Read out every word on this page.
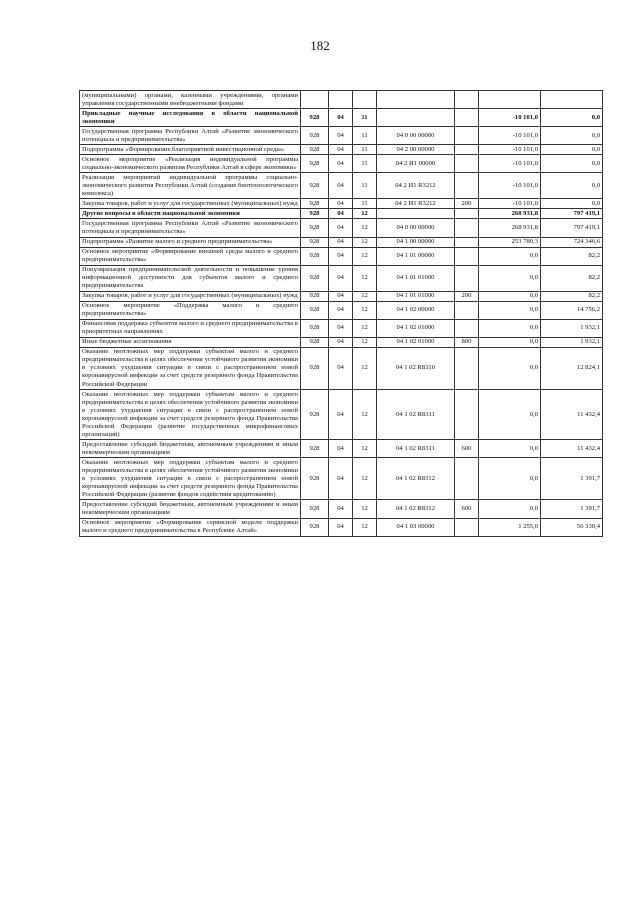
182
(муниципальными) органами, казенными учреждениями, органами управления государственными внебюджетными фондами							
Прикладные научные исследования в области национальной экономики	928	04	11			-10 101,0	0,0
Государственная программа Республики Алтай «Развитие экономического потенциала и предпринимательства»	928	04	11	04 0 00 00000		-10 101,0	0,0
Подпрограмма «Формирование благоприятной инвестиционной среды»	928	04	11	04 2 00 00000		-10 101,0	0,0
Основное мероприятие «Реализация индивидуальной программы социально-экономического развития Республики Алтай в сфере экономики»	928	04	11	04 2 И1 00000		-10 101,0	0,0
Реализация мероприятий индивидуальной программы социально-экономического развития Республики Алтай (создание биотехнологического комплекса)	928	04	11	04 2 И1 R3212		-10 101,0	0,0
Закупка товаров, работ и услуг для государственных (муниципальных) нужд	928	04	11	04 2 И1 R3212	200	-10 101,0	0,0
Другие вопросы в области национальной экономики	928	04	12			268 931,8	797 419,1
Государственная программа Республики Алтай «Развитие экономического потенциала и предпринимательства»	928	04	12	04 0 00 00000		268 931,8	797 419,1
Подпрограмма «Развитие малого и среднего предпринимательства»	928	04	12	04 1 00 00000		253 780,3	724 346,6
Основное мероприятие «Формирование внешней среды малого и среднего предпринимательства»	928	04	12	04 1 01 00000		0,0	82,2
Популяризация предпринимательской деятельности и повышение уровня информационной доступности для субъектов малого и среднего предпринимательства	928	04	12	04 1 01 01000		0,0	82,2
Закупка товаров, работ и услуг для государственных (муниципальных) нужд	928	04	12	04 1 01 01000	200	0,0	82,2
Основное мероприятие «Поддержка малого и среднего предпринимательства»	928	04	12	04 1 02 00000		0,0	14 756,2
Финансовая поддержка субъектов малого и среднего предпринимательства в приоритетных направлениях	928	04	12	04 1 02 01000		0,0	1 932,1
Иные бюджетные ассигнования	928	04	12	04 1 02 01000	800	0,0	1 932,1
Оказание неотложных мер поддержки субъектам малого и среднего предпринимательства в целях обеспечения устойчивого развития экономики в условиях ухудшения ситуации в связи с распространением новой коронавирусной инфекции за счет средств резервного фонда Правительства Российской Федерации	928	04	12	04 1 02 R8310		0,0	12 824,1
Оказание неотложных мер поддержки субъектам малого и среднего предпринимательства в целях обеспечения устойчивого развития экономики в условиях ухудшения ситуации в связи с распространением новой коронавирусной инфекции за счет средств резервного фонда Правительства Российской Федерации (развитие государственных микрофинансовых организаций)	928	04	12	04 1 02 R8311		0,0	11 432,4
Предоставление субсидий бюджетным, автономным учреждениям и иным некоммерческим организациям	928	04	12	04 1 02 R8311	600	0,0	11 432,4
Оказание неотложных мер поддержки субъектам малого и среднего предпринимательства в целях обеспечения устойчивого развития экономики в условиях ухудшения ситуации в связи с распространением новой коронавирусной инфекции за счет средств резервного фонда Правительства Российской Федерации (развитие фондов содействия кредитованию)	928	04	12	04 1 02 R8312		0,0	1 391,7
Предоставление субсидий бюджетным, автономным учреждениям и иным некоммерческим организациям	928	04	12	04 1 02 R8312	600	0,0	1 391,7
Основное мероприятие «Формирование сервисной модели поддержки малого и среднего предпринимательства в Республике Алтай»	928	04	12	04 1 03 00000		1 255,0	56 330,4
